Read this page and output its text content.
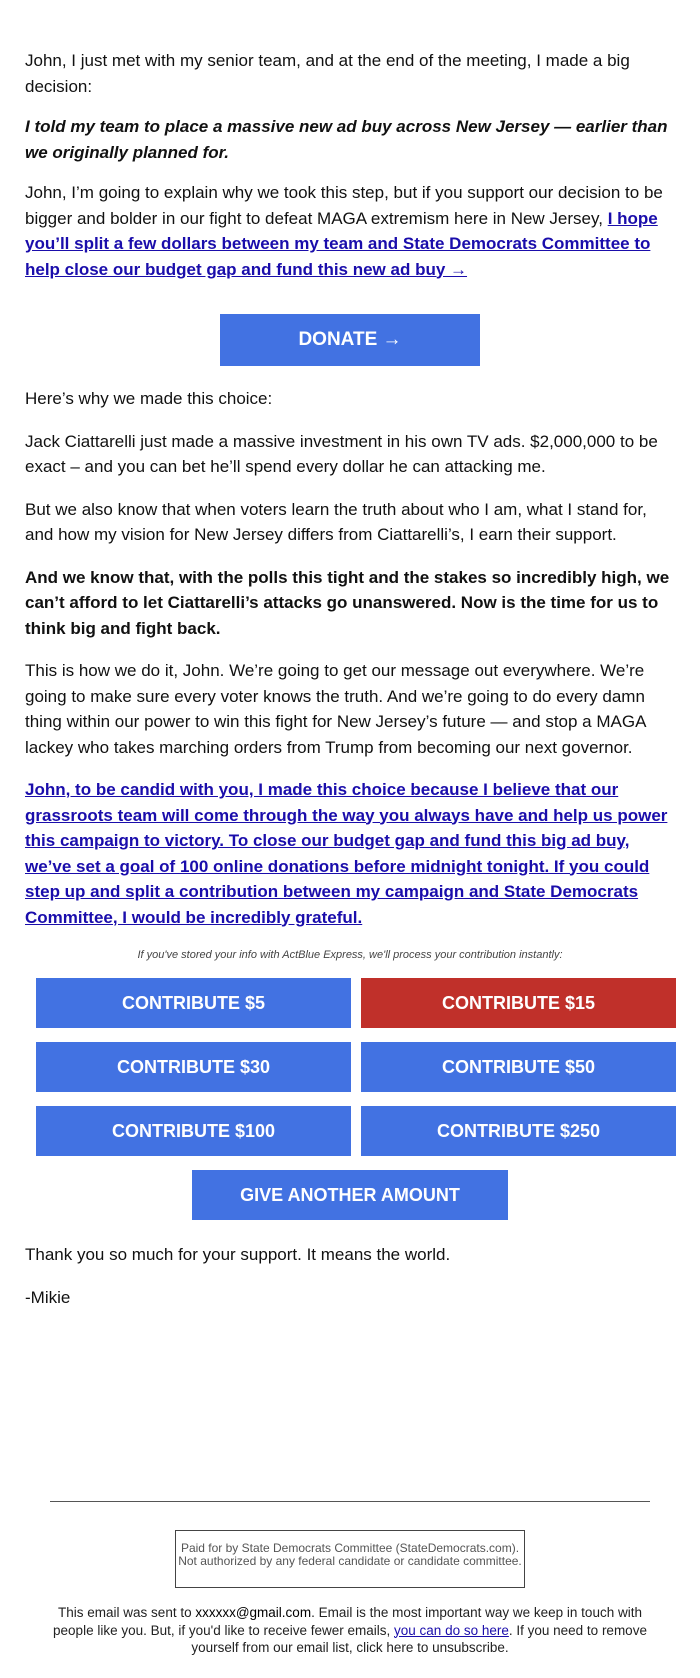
John, I just met with my senior team, and at the end of the meeting, I made a big decision:

I told my team to place a massive new ad buy across New Jersey — earlier than we originally planned for.

John, I’m going to explain why we took this step, but if you support our decision to be bigger and bolder in our fight to defeat MAGA extremism here in New Jersey, I hope you’ll split a few dollars between my team and State Democrats Committee to help close our budget gap and fund this new ad buy →

DONATE →

Here’s why we made this choice:

Jack Ciattarelli just made a massive investment in his own TV ads. $2,000,000 to be exact – and you can bet he’ll spend every dollar he can attacking me.

But we also know that when voters learn the truth about who I am, what I stand for, and how my vision for New Jersey differs from Ciattarelli’s, I earn their support.

And we know that, with the polls this tight and the stakes so incredibly high, we can’t afford to let Ciattarelli’s attacks go unanswered. Now is the time for us to think big and fight back.

This is how we do it, John. We’re going to get our message out everywhere. We’re going to make sure every voter knows the truth. And we’re going to do every damn thing within our power to win this fight for New Jersey’s future — and stop a MAGA lackey who takes marching orders from Trump from becoming our next governor.

John, to be candid with you, I made this choice because I believe that our grassroots team will come through the way you always have and help us power this campaign to victory. To close our budget gap and fund this big ad buy, we’ve set a goal of 100 online donations before midnight tonight. If you could step up and split a contribution between my campaign and State Democrats Committee, I would be incredibly grateful.

If you've stored your info with ActBlue Express, we'll process your contribution instantly:

CONTRIBUTE $5	CONTRIBUTE $15
CONTRIBUTE $30	CONTRIBUTE $50
CONTRIBUTE $100	CONTRIBUTE $250
GIVE ANOTHER AMOUNT

Thank you so much for your support. It means the world.

-Mikie

Paid for by State Democrats Committee (StateDemocrats.com). Not authorized by any federal candidate or candidate committee.
This email was sent to xxxxxx@gmail.com. Email is the most important way we keep in touch with people like you. But, if you'd like to receive fewer emails, you can do so here. If you need to remove yourself from our email list, click here to unsubscribe.
